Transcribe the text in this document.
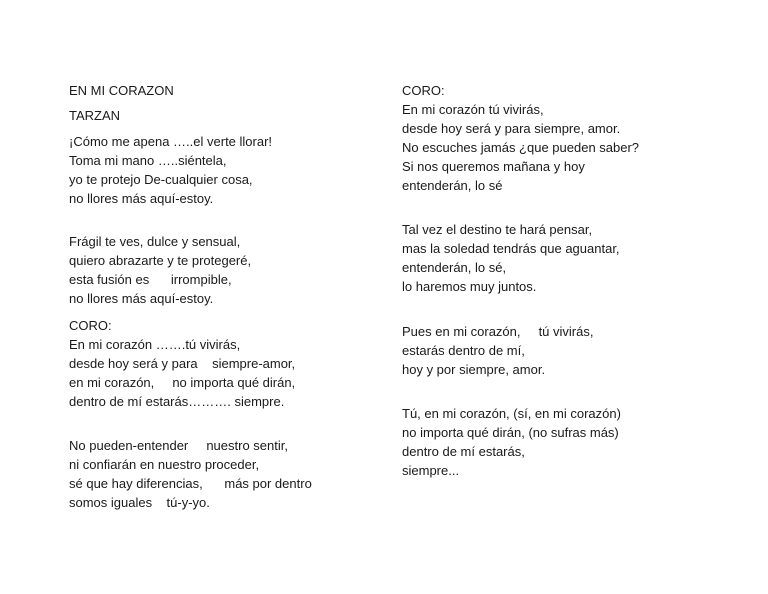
EN MI CORAZON
TARZAN
¡Cómo me apena …..el verte llorar!
Toma mi mano …..siéntela,
yo te protejo De-cualquier cosa,
no llores más aquí-estoy.
Frágil te ves, dulce y sensual,
quiero abrazarte y te protegeré,
esta fusión es      irrompible,
no llores más aquí-estoy.
CORO:
En mi corazón …….tú vivirás,
desde hoy será y para    siempre-amor,
en mi corazón,     no importa qué dirán,
dentro de mí estarás………. siempre.
No pueden-entender     nuestro sentir,
ni confiarán en nuestro proceder,
sé que hay diferencias,      más por dentro
somos iguales    tú-y-yo.
CORO:
En mi corazón tú vivirás,
desde hoy será y para siempre, amor.
No escuches jamás ¿que pueden saber?
Si nos queremos mañana y hoy
entenderán, lo sé
Tal vez el destino te hará pensar,
mas la soledad tendrás que aguantar,
entenderán, lo sé,
lo haremos muy juntos.
Pues en mi corazón,     tú vivirás,
estarás dentro de mí,
hoy y por siempre, amor.
Tú, en mi corazón, (sí, en mi corazón)
no importa qué dirán, (no sufras más)
dentro de mí estarás,
siempre...
